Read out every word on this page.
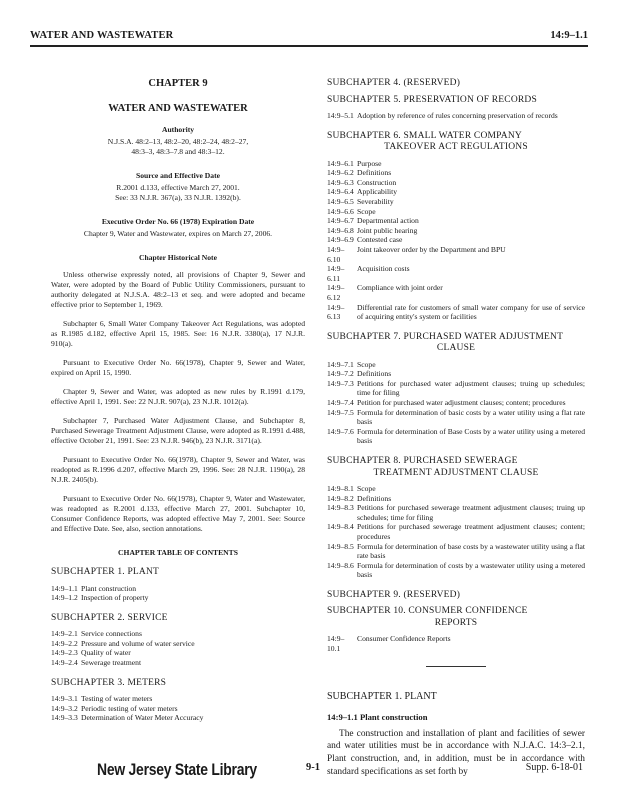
WATER AND WASTEWATER	14:9–1.1

CHAPTER 9

WATER AND WASTEWATER

Authority

N.J.S.A. 48:2–13, 48:2–20, 48:2–24, 48:2–27,

48:3–3, 48:3–7.8 and 48:3–12.

Source and Effective Date

R.2001 d.133, effective March 27, 2001.

See: 33 N.J.R. 367(a), 33 N.J.R. 1392(b).

Executive Order No. 66 (1978) Expiration Date

Chapter 9, Water and Wastewater, expires on March 27, 2006.

Chapter Historical Note

Unless otherwise expressly noted, all provisions of Chapter 9, Sewer and Water, were adopted by the Board of Public Utility Commissioners, pursuant to authority delegated at N.J.S.A. 48:2–13 et seq. and were adopted and became effective prior to September 1, 1969.

Subchapter 6, Small Water Company Takeover Act Regulations, was adopted as R.1985 d.182, effective April 15, 1985. See: 16 N.J.R. 3380(a), 17 N.J.R. 910(a).

Pursuant to Executive Order No. 66(1978), Chapter 9, Sewer and Water, expired on April 15, 1990.

Chapter 9, Sewer and Water, was adopted as new rules by R.1991 d.179, effective April 1, 1991. See: 22 N.J.R. 907(a), 23 N.J.R. 1012(a).

Subchapter 7, Purchased Water Adjustment Clause, and Subchapter 8, Purchased Sewerage Treatment Adjustment Clause, were adopted as R.1991 d.488, effective October 21, 1991. See: 23 N.J.R. 946(b), 23 N.J.R. 3171(a).

Pursuant to Executive Order No. 66(1978), Chapter 9, Sewer and Water, was readopted as R.1996 d.207, effective March 29, 1996. See: 28 N.J.R. 1190(a), 28 N.J.R. 2405(b).

Pursuant to Executive Order No. 66(1978), Chapter 9, Water and Wastewater, was readopted as R.2001 d.133, effective March 27, 2001. Subchapter 10, Consumer Confidence Reports, was adopted effective May 7, 2001. See: Source and Effective Date. See, also, section annotations.

CHAPTER TABLE OF CONTENTS

SUBCHAPTER 1. PLANT

14:9–1.1 Plant construction
14:9–1.2 Inspection of property

SUBCHAPTER 2. SERVICE

14:9–2.1 Service connections
14:9–2.2 Pressure and volume of water service
14:9–2.3 Quality of water
14:9–2.4 Sewerage treatment

SUBCHAPTER 3. METERS

14:9–3.1 Testing of water meters
14:9–3.2 Periodic testing of water meters
14:9–3.3 Determination of Water Meter Accuracy

SUBCHAPTER 4. (RESERVED)

SUBCHAPTER 5. PRESERVATION OF RECORDS

14:9–5.1 Adoption by reference of rules concerning preservation of records

SUBCHAPTER 6. SMALL WATER COMPANY
TAKEOVER ACT REGULATIONS

14:9–6.1 Purpose
14:9–6.2 Definitions
14:9–6.3 Construction
14:9–6.4 Applicability
14:9–6.5 Severability
14:9–6.6 Scope
14:9–6.7 Departmental action
14:9–6.8 Joint public hearing
14:9–6.9 Contested case
14:9–6.10
Joint takeover order by the Department and BPU
14:9–6.11
Acquisition costs
14:9–6.12
Compliance with joint order
14:9–6.13
Differential rate for customers of small water company for use of service of acquiring entity's system or facilities

SUBCHAPTER 7. PURCHASED WATER ADJUSTMENT
CLAUSE

14:9–7.1 Scope
14:9–7.2 Definitions
14:9–7.3 Petitions for purchased water adjustment clauses; truing up schedules; time for filing
14:9–7.4 Petition for purchased water adjustment clauses; content; procedures
14:9–7.5 Formula for determination of basic costs by a water utility using a flat rate basis
14:9–7.6 Formula for determination of Base Costs by a water utility using a metered basis

SUBCHAPTER 8. PURCHASED SEWERAGE
TREATMENT ADJUSTMENT CLAUSE

14:9–8.1 Scope
14:9–8.2 Definitions
14:9–8.3 Petitions for purchased sewerage treatment adjustment clauses; truing up schedules; time for filing
14:9–8.4 Petitions for purchased sewerage treatment adjustment clauses; content; procedures
14:9–8.5 Formula for determination of base costs by a wastewater utility using a flat rate basis
14:9–8.6 Formula for determination of costs by a wastewater utility using a metered basis

SUBCHAPTER 9. (RESERVED)

SUBCHAPTER 10. CONSUMER CONFIDENCE
REPORTS

14:9–10.1
Consumer Confidence Reports

SUBCHAPTER 1. PLANT

14:9–1.1 Plant construction

The construction and installation of plant and facilities of sewer and water utilities must be in accordance with N.J.A.C. 14:3–2.1, Plant construction, and, in addition, must be in accordance with standard specifications as set forth by

New Jersey State Library	9-1	Supp. 6-18-01
